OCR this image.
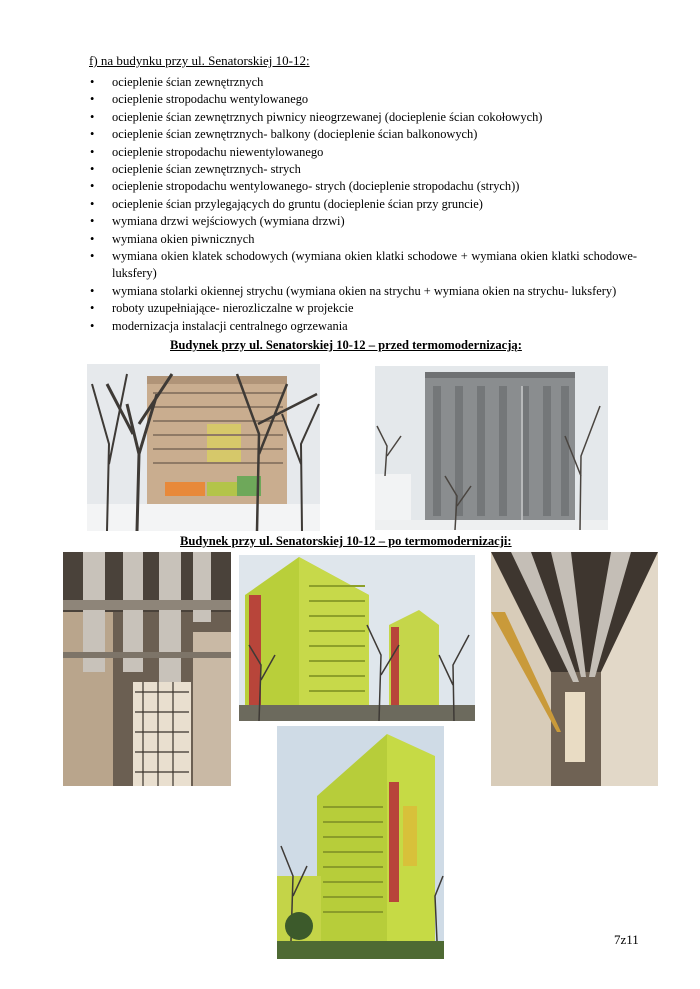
f) na budynku przy ul. Senatorskiej 10-12:
• ocieplenie ścian zewnętrznych
• ocieplenie stropodachu wentylowanego
• ocieplenie ścian zewnętrznych piwnicy nieogrzewanej (docieplenie ścian cokołowych)
• ocieplenie ścian zewnętrznych- balkony (docieplenie ścian balkonowych)
• ocieplenie stropodachu niewentylowanego
• ocieplenie ścian zewnętrznych- strych
• ocieplenie stropodachu wentylowanego- strych (docieplenie stropodachu (strych))
• ocieplenie ścian przylegających do gruntu (docieplenie ścian przy gruncie)
• wymiana drzwi wejściowych (wymiana drzwi)
• wymiana okien piwnicznych
• wymiana okien klatek schodowych (wymiana okien klatki schodowe + wymiana okien klatki schodowe- luksfery)
• wymiana stolarki okiennej strychu (wymiana okien na strychu + wymiana okien na strychu- luksfery)
• roboty uzupełniające- nierozliczalne w projekcie
• modernizacja instalacji centralnego ogrzewania
Budynek przy ul. Senatorskiej 10-12 – przed termomodernizacją:
Budynek przy ul. Senatorskiej 10-12 – po termomodernizacji:
7z11
